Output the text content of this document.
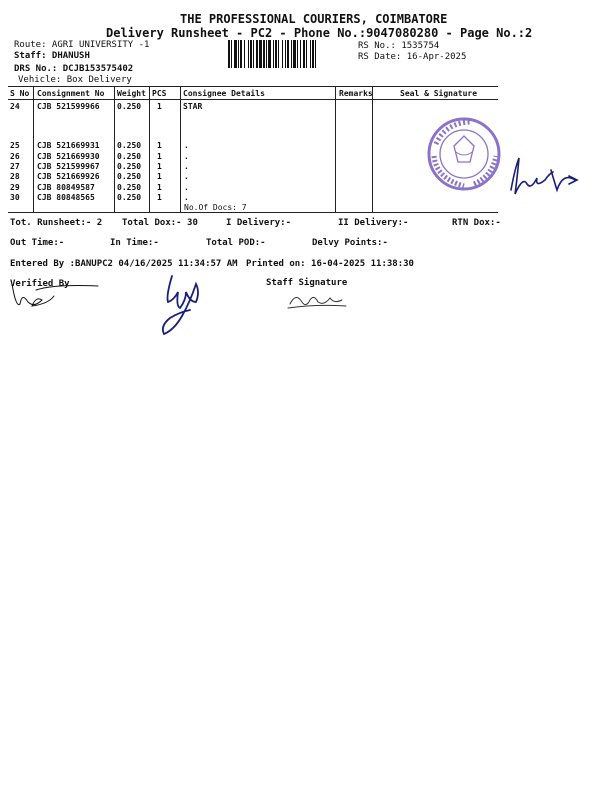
THE PROFESSIONAL COURIERS, COIMBATORE
Delivery Runsheet - PC2 - Phone No.:9047080280 - Page No.:2
Route: AGRI UNIVERSITY -1
Staff: DHANUSH
DRS No.: DCJB153575402
Vehicle: Box Delivery
RS No.: 1535754
RS Date: 16-Apr-2025
S No Consignment No Weight PCS Consignee Details	Remarks	Seal & Signature
24 CJB 521599966 0.250 1	STAR
25 CJB 521669931 0.250 1	.
26 CJB 521669930 0.250 1	.
27 CJB 521599967 0.250 1	.
28 CJB 521669926 0.250 1	.
29 CJB 80849587	0.250 1	.
30 CJB 80848565	0.250 1	.
No.Of Docs: 7
Tot. Runsheet:- 2 Total Dox:- 30	I Delivery:-	II Delivery:-	RTN Dox:-
Out Time:-	In Time:-	Total POD:-	Delvy Points:-
Entered By :BANUPC2 04/16/2025 11:34:57 AM Printed on: 16-04-2025 11:38:30
Verified By	Staff Signature
